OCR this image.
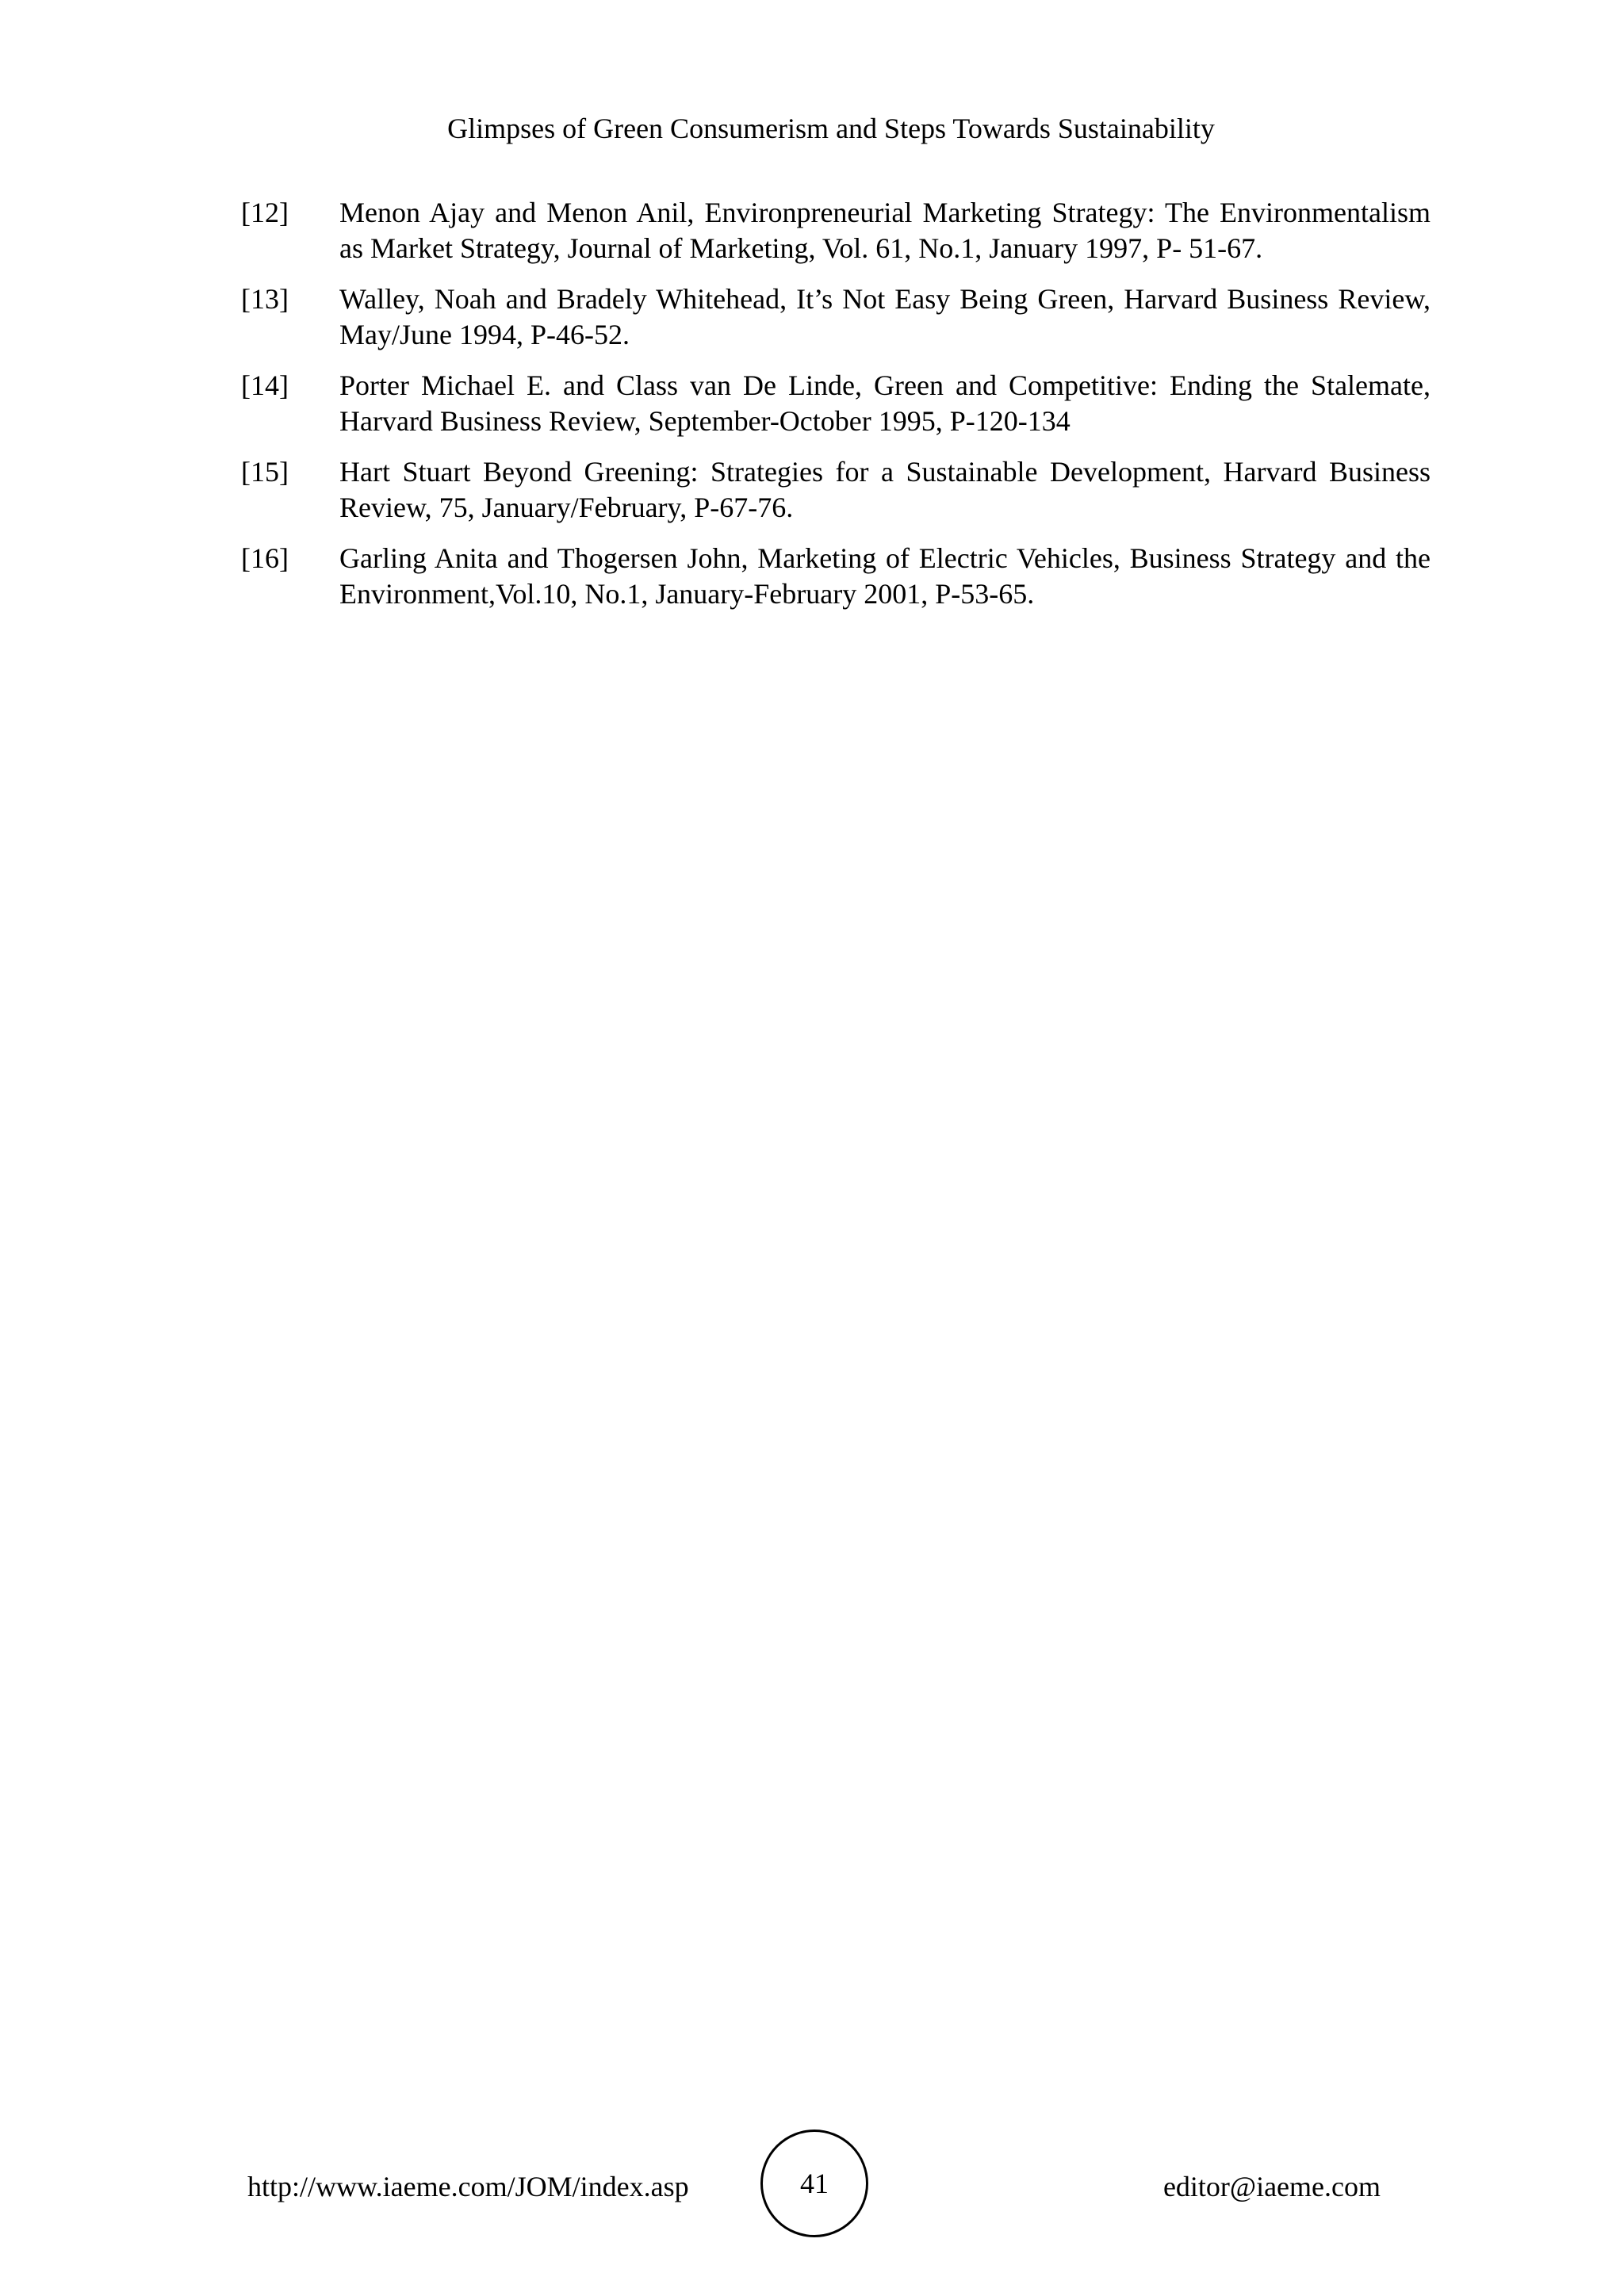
Glimpses of Green Consumerism and Steps Towards Sustainability
[12] Menon Ajay and Menon Anil, Environpreneurial Marketing Strategy: The Environmentalism as Market Strategy, Journal of Marketing, Vol. 61, No.1, January 1997, P- 51-67.
[13] Walley, Noah and Bradely Whitehead, It’s Not Easy Being Green, Harvard Business Review, May/June 1994, P-46-52.
[14] Porter Michael E. and Class van De Linde, Green and Competitive: Ending the Stalemate, Harvard Business Review, September-October 1995, P-120-134
[15] Hart Stuart Beyond Greening: Strategies for a Sustainable Development, Harvard Business Review, 75, January/February, P-67-76.
[16] Garling Anita and Thogersen John, Marketing of Electric Vehicles, Business Strategy and the Environment,Vol.10, No.1, January-February 2001, P-53-65.
http://www.iaeme.com/JOM/index.asp	41	editor@iaeme.com
